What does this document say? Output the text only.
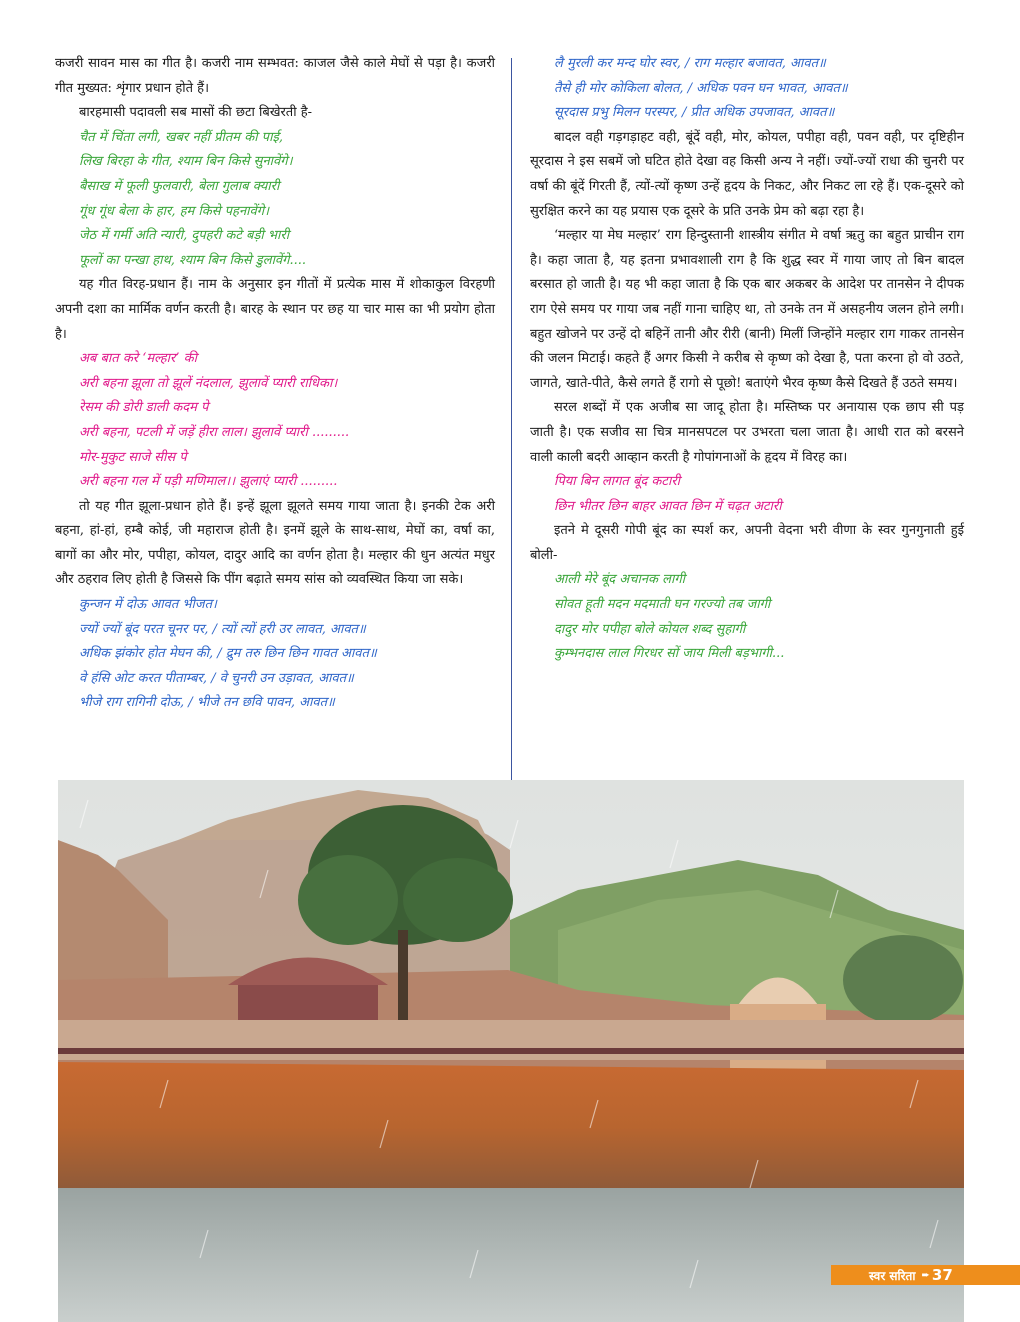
कजरी सावन मास का गीत है। कजरी नाम सम्भवत: काजल जैसे काले मेघों से पड़ा है। कजरी गीत मुख्यत: शृंगार प्रधान होते हैं।

बारहमासी पदावली सब मासों की छटा बिखेरती है-

चैत में चिंता लगी, खबर नहीं प्रीतम की पाई,

लिख बिरहा के गीत, श्याम बिन किसे सुनावेंगे।

बैसाख में फूली फुलवारी, बेला गुलाब क्यारी

गूंध गूंध बेला के हार, हम किसे पहनावेंगे।

जेठ में गर्मी अति न्यारी, दुपहरी कटे बड़ी भारी

फूलों का पन्खा हाथ, श्याम बिन किसे डुलावेंगे....

यह गीत विरह-प्रधान हैं। नाम के अनुसार इन गीतों में प्रत्येक मास में शोकाकुल विरहणी अपनी दशा का मार्मिक वर्णन करती है। बारह के स्थान पर छह या चार मास का भी प्रयोग होता है।

अब बात करे ‘मल्हार’ की

अरी बहना झूला तो झूलें नंदलाल, झुलावें प्यारी राधिका।

रेसम की डोरी डाली कदम पे

अरी बहना, पटली में जड़ें हीरा लाल। झुलावें प्यारी .........

मोर-मुकुट साजे सीस पे

अरी बहना गल में पड़ी मणिमाल।। झुलाएं प्यारी .........

तो यह गीत झूला-प्रधान होते हैं। इन्हें झूला झूलते समय गाया जाता है। इनकी टेक अरी बहना, हां-हां, हम्बै कोई, जी महाराज होती है। इनमें झूले के साथ-साथ, मेघों का, वर्षा का, बागों का और मोर, पपीहा, कोयल, दादुर आदि का वर्णन होता है। मल्हार की धुन अत्यंत मधुर और ठहराव लिए होती है जिससे कि पींग बढ़ाते समय सांस को व्यवस्थित किया जा सके।

कुन्जन में दोऊ आवत भीजत।

ज्यों ज्यों बूंद परत चूनर पर, / त्यों त्यों हरी उर लावत, आवत॥

अधिक झंकोर होत मेघन की, / द्रुम तरु छिन छिन गावत आवत॥

वे हंसि ओट करत पीताम्बर, / वे चुनरी उन उड़ावत, आवत॥

भीजे राग रागिनी दोऊ, / भीजे तन छवि पावन, आवत॥

लै मुरली कर मन्द घोर स्वर, / राग मल्हार बजावत, आवत॥

तैसे ही मोर कोकिला बोलत, / अधिक पवन घन भावत, आवत॥

सूरदास प्रभु मिलन परस्पर, / प्रीत अधिक उपजावत, आवत॥

बादल वही गड़गड़ाहट वही, बूंदें वही, मोर, कोयल, पपीहा वही, पवन वही, पर दृष्टिहीन सूरदास ने इस सबमें जो घटित होते देखा वह किसी अन्य ने नहीं। ज्यों-ज्यों राधा की चुनरी पर वर्षा की बूंदें गिरती हैं, त्यों-त्यों कृष्ण उन्हें हृदय के निकट, और निकट ला रहे हैं। एक-दूसरे को सुरक्षित करने का यह प्रयास एक दूसरे के प्रति उनके प्रेम को बढ़ा रहा है।

‘मल्हार या मेघ मल्हार’ राग हिन्दुस्तानी शास्त्रीय संगीत मे वर्षा ऋतु का बहुत प्राचीन राग है। कहा जाता है, यह इतना प्रभावशाली राग है कि शुद्ध स्वर में गाया जाए तो बिन बादल बरसात हो जाती है। यह भी कहा जाता है कि एक बार अकबर के आदेश पर तानसेन ने दीपक राग ऐसे समय पर गाया जब नहीं गाना चाहिए था, तो उनके तन में असहनीय जलन होने लगी। बहुत खोजने पर उन्हें दो बहिनें तानी और रीरी (बानी) मिलीं जिन्होंने मल्हार राग गाकर तानसेन की जलन मिटाई। कहते हैं अगर किसी ने करीब से कृष्ण को देखा है, पता करना हो वो उठते, जागते, खाते-पीते, कैसे लगते हैं रागो से पूछो! बताएंगे भैरव कृष्ण कैसे दिखते हैं उठते समय।

सरल शब्दों में एक अजीब सा जादू होता है। मस्तिष्क पर अनायास एक छाप सी पड़ जाती है। एक सजीव सा चित्र मानसपटल पर उभरता चला जाता है। आधी रात को बरसने वाली काली बदरी आव्हान करती है गोपांगनाओं के हृदय में विरह का।

पिया बिन लागत बूंद कटारी

छिन भीतर छिन बाहर आवत छिन में चढ़त अटारी

इतने मे दूसरी गोपी बूंद का स्पर्श कर, अपनी वेदना भरी वीणा के स्वर गुनगुनाती हुई बोली-

आली मेरे बूंद अचानक लागी

सोवत हूती मदन मदमाती घन गरज्यो तब जागी

दादुर मोर पपीहा बोले कोयल शब्द सुहागी

कुम्भनदास लाल गिरधर सों जाय मिली बड़भागी...

स्वर सरिता ➨ 37
